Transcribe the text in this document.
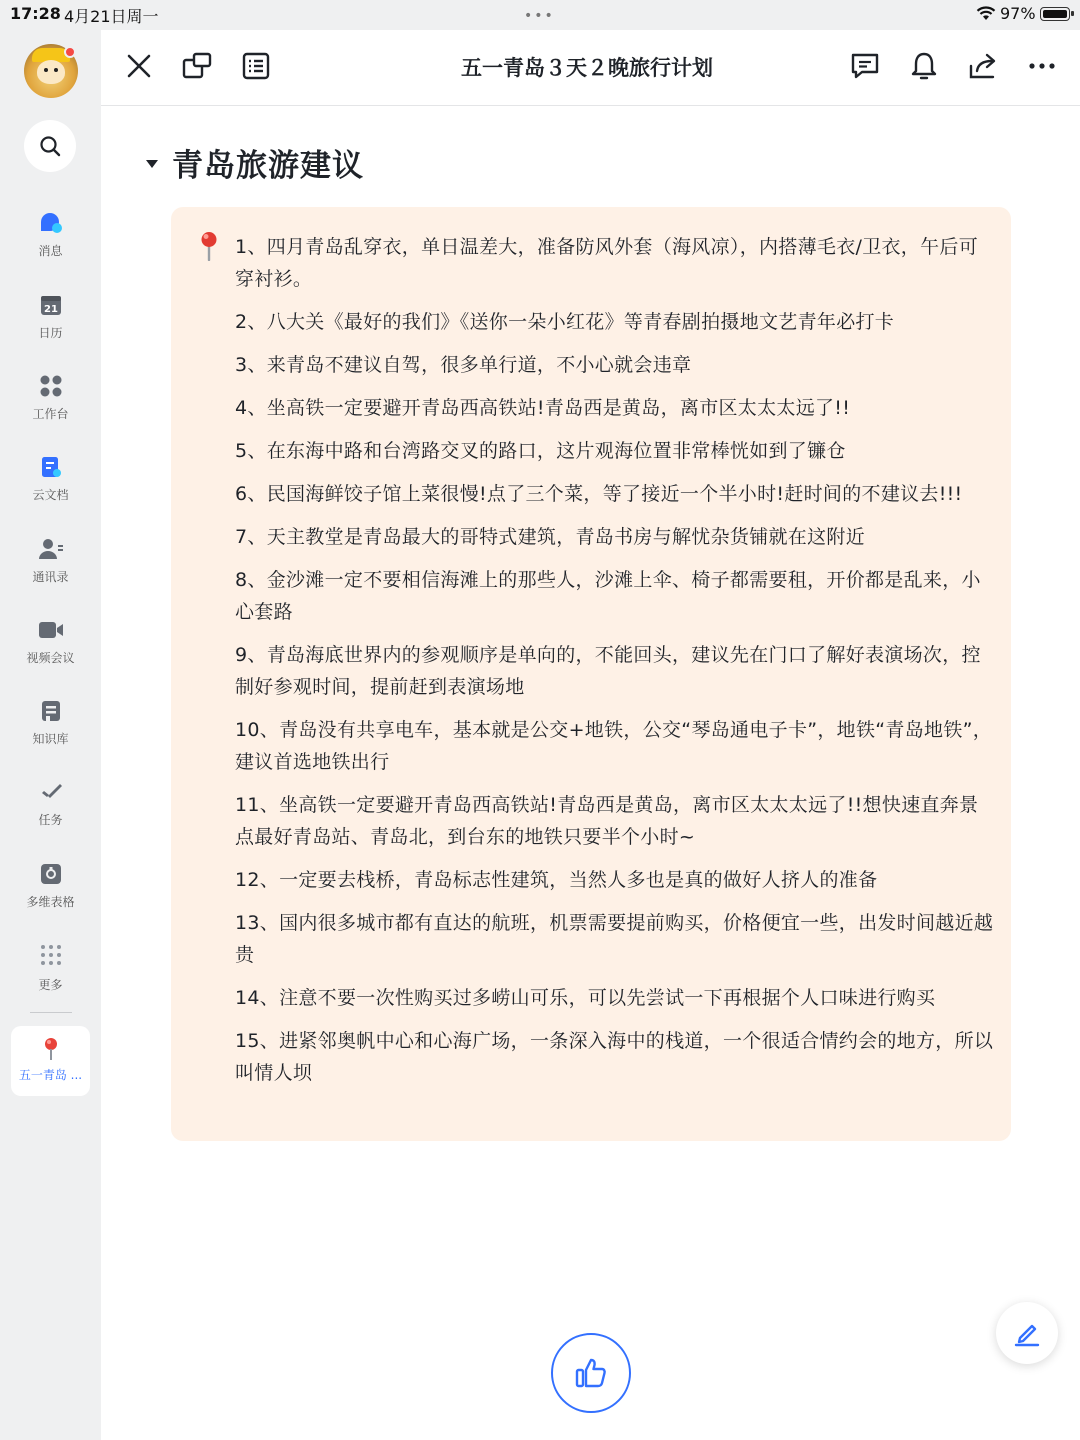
17:28 4月21日周一	•••	97%
消息
21
日历
工作台
云文档
通讯录
视频会议
知识库
任务
多维表格
更多
五一青岛 ...
五一青岛３天２晚旅行计划
青岛旅游建议
1、四月青岛乱穿衣，单日温差大，准备防风外套（海风凉），内搭薄毛衣/卫衣，午后可穿衬衫。
2、八大关《最好的我们》《送你一朵小红花》等青春剧拍摄地文艺青年必打卡
3、来青岛不建议自驾，很多单行道，不小心就会违章
4、坐高铁一定要避开青岛西高铁站!青岛西是黄岛，离市区太太太远了!!
5、在东海中路和台湾路交叉的路口，这片观海位置非常棒恍如到了镰仓
6、民国海鲜饺子馆上菜很慢!点了三个菜，等了接近一个半小时!赶时间的不建议去!!!
7、天主教堂是青岛最大的哥特式建筑，青岛书房与解忧杂货铺就在这附近
8、金沙滩一定不要相信海滩上的那些人，沙滩上伞、椅子都需要租，开价都是乱来，小心套路
9、青岛海底世界内的参观顺序是单向的，不能回头，建议先在门口了解好表演场次，控制好参观时间，提前赶到表演场地
10、青岛没有共享电车，基本就是公交+地铁，公交“琴岛通电子卡”，地铁“青岛地铁”，建议首选地铁出行
11、坐高铁一定要避开青岛西高铁站!青岛西是黄岛，离市区太太太远了!!想快速直奔景点最好青岛站、青岛北，到台东的地铁只要半个小时~
12、一定要去栈桥，青岛标志性建筑，当然人多也是真的做好人挤人的准备
13、国内很多城市都有直达的航班，机票需要提前购买，价格便宜一些，出发时间越近越贵
14、注意不要一次性购买过多崂山可乐，可以先尝试一下再根据个人口味进行购买
15、进紧邻奥帆中心和心海广场，一条深入海中的栈道，一个很适合情约会的地方，所以叫情人坝
